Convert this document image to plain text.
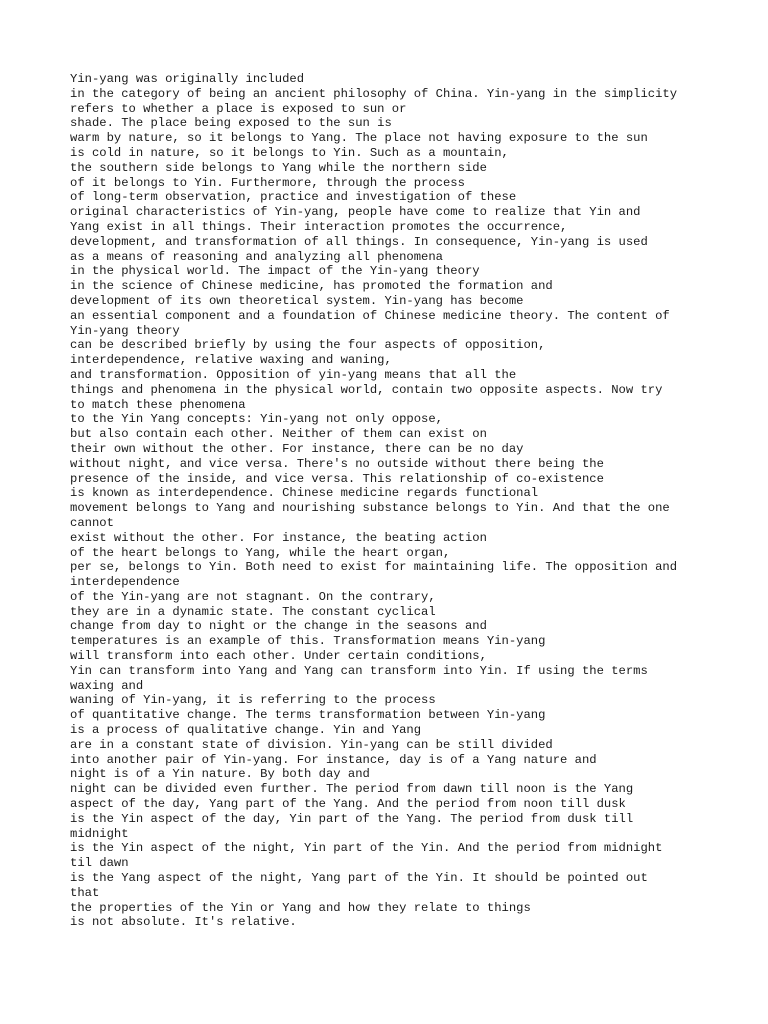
Yin-yang was originally included

in the category of being an ancient philosophy of China. Yin-yang in the simplicity

refers to whether a place is exposed to sun or

shade. The place being exposed to the sun is

warm by nature, so it belongs to Yang. The place not having exposure to the sun

is cold in nature, so it belongs to Yin. Such as a mountain,

the southern side belongs to Yang while the northern side

of it belongs to Yin. Furthermore, through the process

of long-term observation, practice and investigation of these

original characteristics of Yin-yang, people have come to realize that Yin and

Yang exist in all things. Their interaction promotes the occurrence,

development, and transformation of all things. In consequence, Yin-yang is used

as a means of reasoning and analyzing all phenomena

in the physical world. The impact of the Yin-yang theory

in the science of Chinese medicine, has promoted the formation and

development of its own theoretical system. Yin-yang has become

an essential component and a foundation of Chinese medicine theory. The content of

Yin-yang theory

can be described briefly by using the four aspects of opposition,

interdependence, relative waxing and waning,

and transformation. Opposition of yin-yang means that all the

things and phenomena in the physical world, contain two opposite aspects. Now try

to match these phenomena

to the Yin Yang concepts: Yin-yang not only oppose,

but also contain each other. Neither of them can exist on

their own without the other. For instance, there can be no day

without night, and vice versa. There's no outside without there being the

presence of the inside, and vice versa. This relationship of co-existence

is known as interdependence. Chinese medicine regards functional

movement belongs to Yang and nourishing substance belongs to Yin. And that the one

cannot

exist without the other. For instance, the beating action

of the heart belongs to Yang, while the heart organ,

per se, belongs to Yin. Both need to exist for maintaining life. The opposition and

interdependence

of the Yin-yang are not stagnant. On the contrary,

they are in a dynamic state. The constant cyclical

change from day to night or the change in the seasons and

temperatures is an example of this. Transformation means Yin-yang

will transform into each other. Under certain conditions,

Yin can transform into Yang and Yang can transform into Yin. If using the terms

waxing and

waning of Yin-yang, it is referring to the process

of quantitative change. The terms transformation between Yin-yang

is a process of qualitative change. Yin and Yang

are in a constant state of division. Yin-yang can be still divided

into another pair of Yin-yang. For instance, day is of a Yang nature and

night is of a Yin nature. By both day and

night can be divided even further. The period from dawn till noon is the Yang

aspect of the day, Yang part of the Yang. And the period from noon till dusk

is the Yin aspect of the day, Yin part of the Yang. The period from dusk till

midnight

is the Yin aspect of the night, Yin part of the Yin. And the period from midnight

til dawn

is the Yang aspect of the night, Yang part of the Yin. It should be pointed out

that

the properties of the Yin or Yang and how they relate to things

is not absolute. It's relative.
